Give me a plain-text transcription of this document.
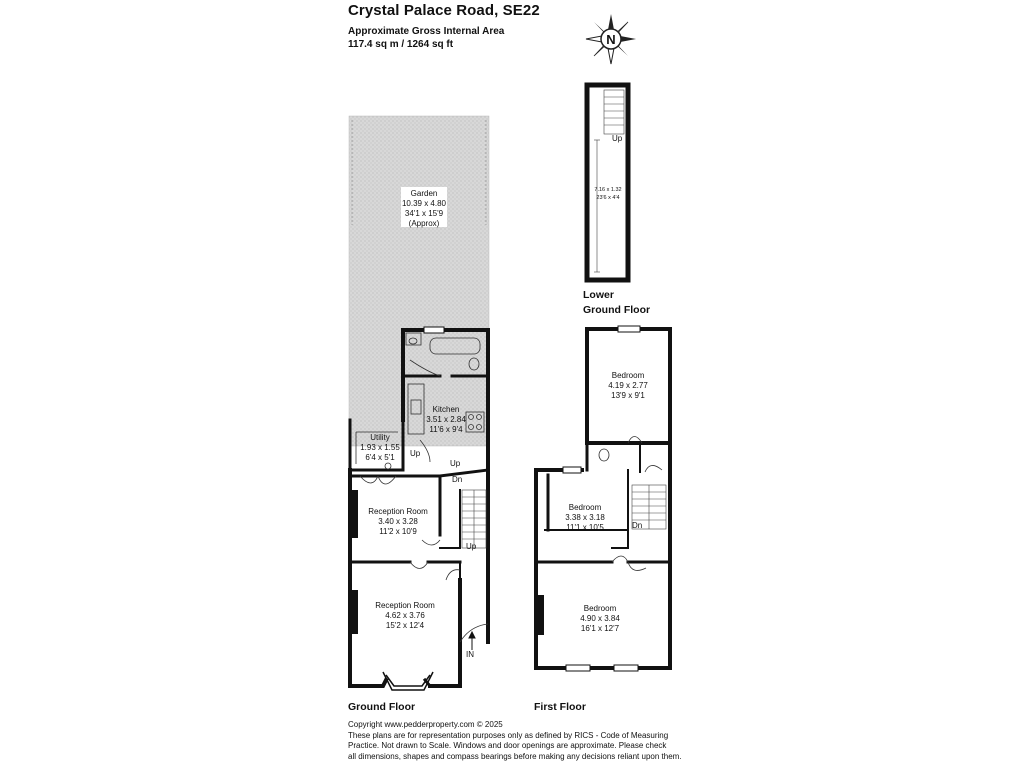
Crystal Palace Road, SE22
Approximate Gross Internal Area
117.4 sq m / 1264 sq ft	N
Garden
10.39 x 4.80
34'1 x 15'9
(Approx)
Kitchen
3.51 x 2.84
11'6 x 9'4
Utility
1.93 x 1.55
6'4 x 5'1
Reception Room
3.40 x 3.28
11'2 x 10'9
Reception Room
4.62 x 3.76
15'2 x 12'4
7.16 x 1.32
23'6 x 4'4
Bedroom
4.19 x 2.77
13'9 x 9'1
Bedroom
3.38 x 3.18
11'1 x 10'5
Bedroom
4.90 x 3.84
16'1 x 12'7
Up
Up
Dn
Up
Up
Dn
IN
Lower
Ground Floor
Ground Floor	First Floor
Copyright www.pedderproperty.com © 2025
These plans are for representation purposes only as defined by RICS - Code of Measuring
Practice. Not drawn to Scale. Windows and door openings are approximate. Please check
all dimensions, shapes and compass bearings before making any decisions reliant upon them.
